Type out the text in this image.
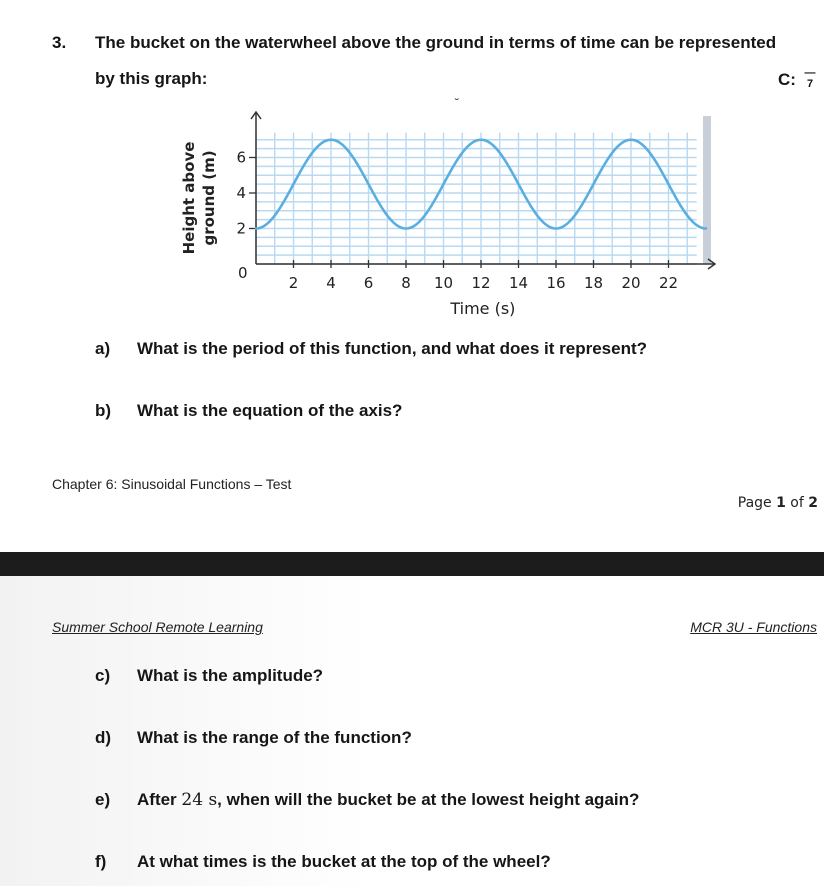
3. The bucket on the waterwheel above the ground in terms of time can be represented
by this graph:	C: —
7
˘
2 4 6 8 10 12 14 16 18 20 22
2
4
6
0
Time (s)
Height above ground (m)
a) What is the period of this function, and what does it represent?
b) What is the equation of the axis?
Chapter 6: Sinusoidal Functions – Test
Page 1 of 2
Summer School Remote Learning	MCR 3U - Functions
c) What is the amplitude?
d) What is the range of the function?
e) After 24 s, when will the bucket be at the lowest height again?
f) At what times is the bucket at the top of the wheel?
